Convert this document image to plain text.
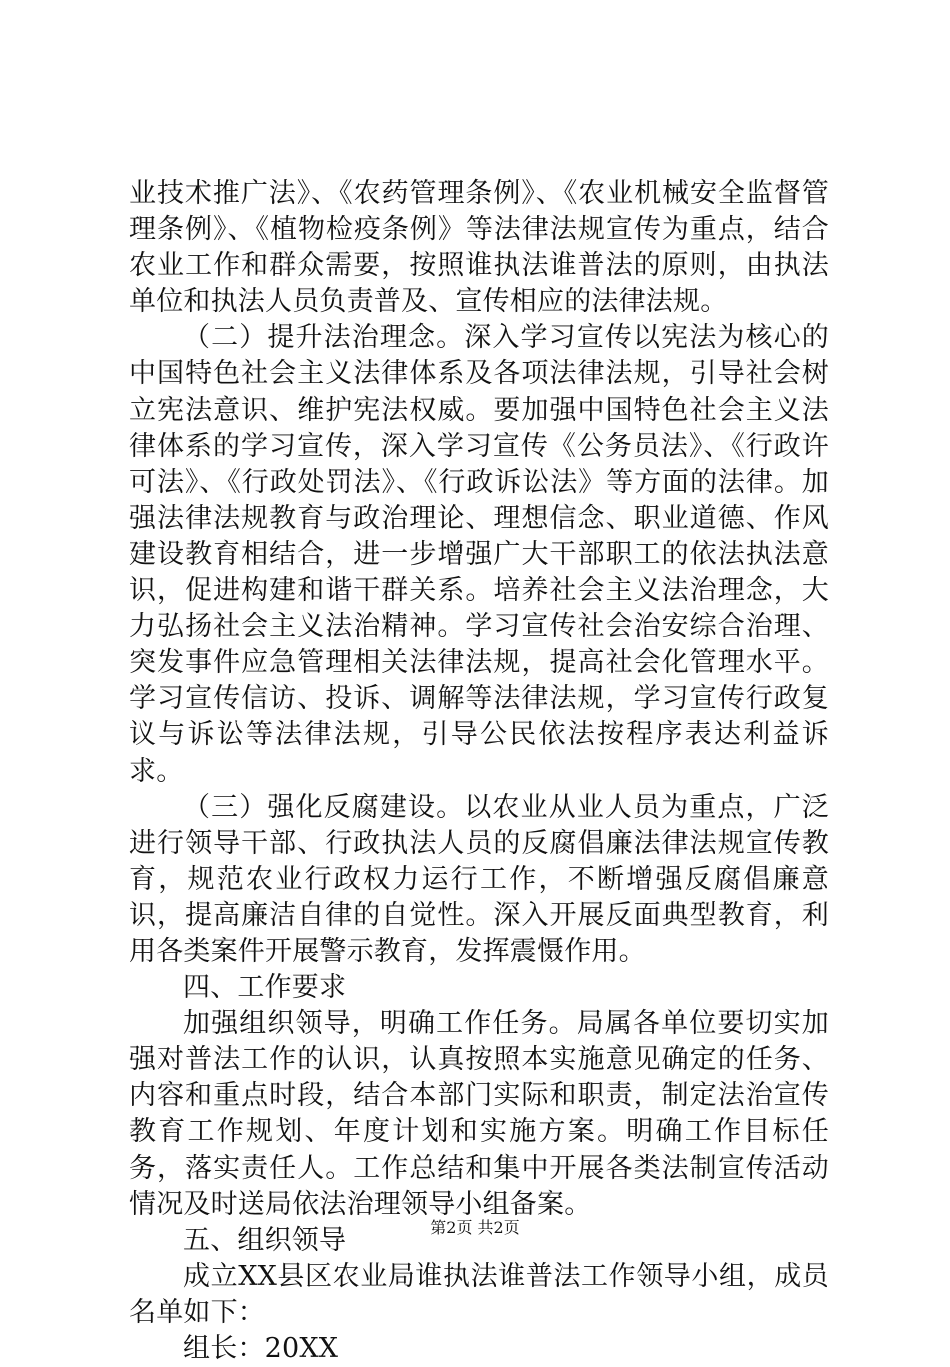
业技术推广法》、《农药管理条例》、《农业机械安全监督管理条例》、《植物检疫条例》等法律法规宣传为重点，结合农业工作和群众需要，按照谁执法谁普法的原则，由执法单位和执法人员负责普及、宣传相应的法律法规。

（二）提升法治理念。深入学习宣传以宪法为核心的中国特色社会主义法律体系及各项法律法规，引导社会树立宪法意识、维护宪法权威。要加强中国特色社会主义法律体系的学习宣传，深入学习宣传《公务员法》、《行政许可法》、《行政处罚法》、《行政诉讼法》等方面的法律。加强法律法规教育与政治理论、理想信念、职业道德、作风建设教育相结合，进一步增强广大干部职工的依法执法意识，促进构建和谐干群关系。培养社会主义法治理念，大力弘扬社会主义法治精神。学习宣传社会治安综合治理、突发事件应急管理相关法律法规，提高社会化管理水平。学习宣传信访、投诉、调解等法律法规，学习宣传行政复议与诉讼等法律法规，引导公民依法按程序表达利益诉求。

（三）强化反腐建设。以农业从业人员为重点，广泛进行领导干部、行政执法人员的反腐倡廉法律法规宣传教育，规范农业行政权力运行工作，不断增强反腐倡廉意识，提高廉洁自律的自觉性。深入开展反面典型教育，利用各类案件开展警示教育，发挥震慑作用。

四、工作要求

加强组织领导，明确工作任务。局属各单位要切实加强对普法工作的认识，认真按照本实施意见确定的任务、内容和重点时段，结合本部门实际和职责，制定法治宣传教育工作规划、年度计划和实施方案。明确工作目标任务，落实责任人。工作总结和集中开展各类法制宣传活动情况及时送局依法治理领导小组备案。

五、组织领导

成立XX县区农业局谁执法谁普法工作领导小组，成员名单如下：

组长：20XX

第2页 共2页
